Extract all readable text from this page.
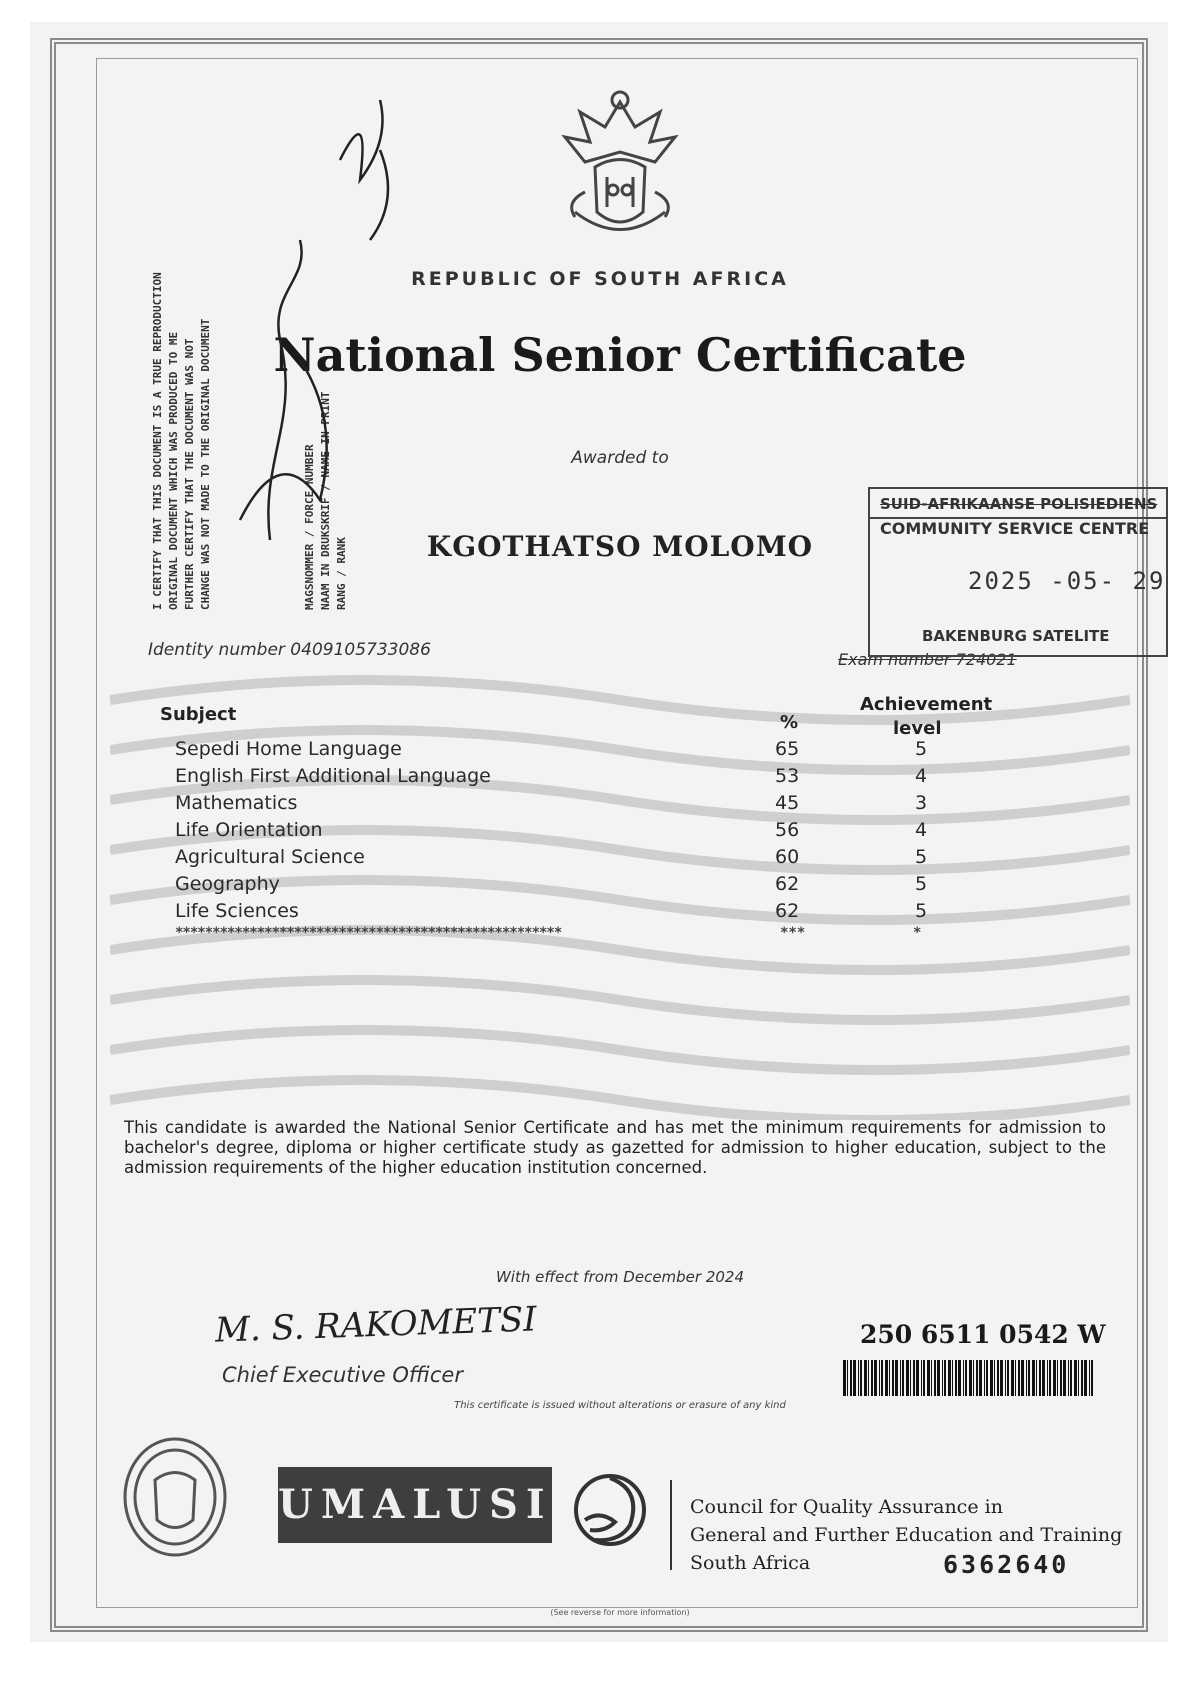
REPUBLIC OF SOUTH AFRICA
National Senior Certificate
Awarded to
KGOTHATSO MOLOMO
Identity number 0409105733086	Exam number 724021
SUID-AFRIKAANSE POLISIEDIENS
COMMUNITY SERVICE CENTRE
2025 -05- 29
BAKENBURG SATELITE
I CERTIFY THAT THIS DOCUMENT IS A TRUE REPRODUCTION ORIGINAL DOCUMENT WHICH WAS PRODUCED TO ME FURTHER CERTIFY THAT THE DOCUMENT WAS NOT CHANGE WAS NOT MADE TO THE ORIGINAL DOCUMENT	MAGSNOMMER / FORCE NUMBER NAAM IN DRUKSKRIF / NAME IN PRINT RANG / RANK
Subject	%
Achievement
level
Sepedi Home Language	65	5
English First Additional Language	53	4
Mathematics	45	3
Life Orientation	56	4
Agricultural Science	60	5
Geography	62	5
Life Sciences	62	5
****************************************************	***	*
This candidate is awarded the National Senior Certificate and has met the minimum requirements for admission to bachelor's degree, diploma or higher certificate study as gazetted for admission to higher education, subject to the admission requirements of the higher education institution concerned.
With effect from December 2024
M. S. RAKOMETSI
Chief Executive Officer
This certificate is issued without alterations or erasure of any kind
250 6511 0542 W
UMALUSI	Council for Quality Assurance in
General and Further Education and Training
South Africa	6362640
(See reverse for more information)
